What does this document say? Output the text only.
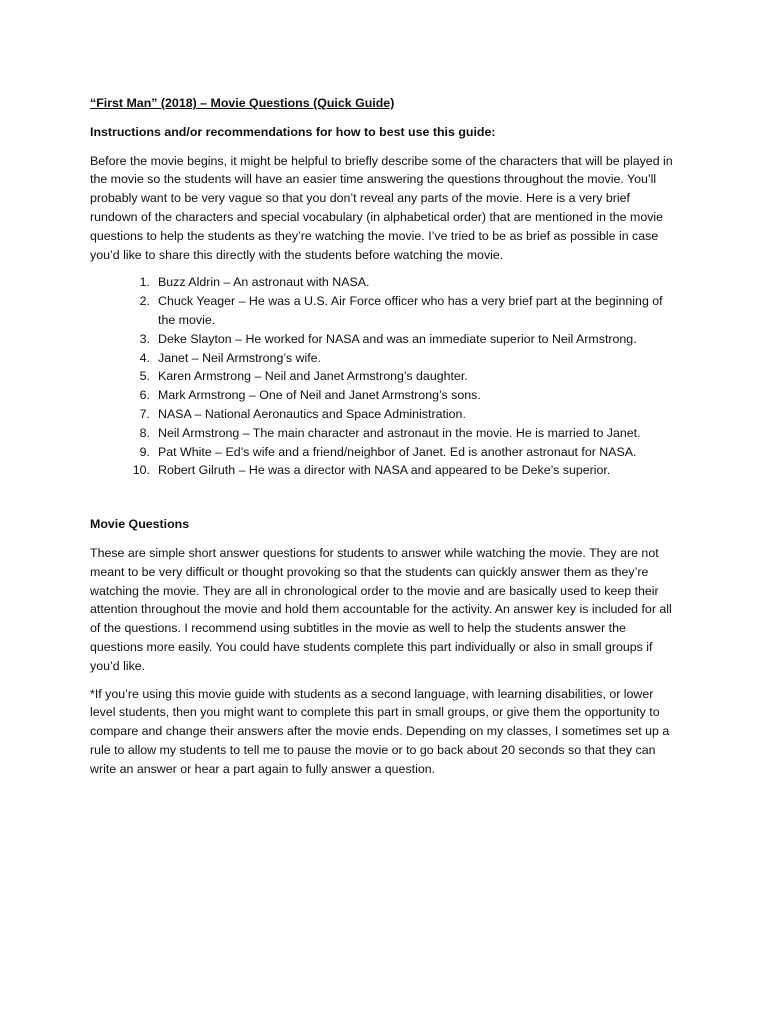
“First Man” (2018) – Movie Questions (Quick Guide)

Instructions and/or recommendations for how to best use this guide:

Before the movie begins, it might be helpful to briefly describe some of the characters that will be played in the movie so the students will have an easier time answering the questions throughout the movie. You’ll probably want to be very vague so that you don’t reveal any parts of the movie. Here is a very brief rundown of the characters and special vocabulary (in alphabetical order) that are mentioned in the movie questions to help the students as they’re watching the movie. I’ve tried to be as brief as possible in case you’d like to share this directly with the students before watching the movie.

1. Buzz Aldrin – An astronaut with NASA.
2. Chuck Yeager – He was a U.S. Air Force officer who has a very brief part at the beginning of the movie.
3. Deke Slayton – He worked for NASA and was an immediate superior to Neil Armstrong.
4. Janet – Neil Armstrong’s wife.
5. Karen Armstrong – Neil and Janet Armstrong’s daughter.
6. Mark Armstrong – One of Neil and Janet Armstrong’s sons.
7. NASA – National Aeronautics and Space Administration.
8. Neil Armstrong – The main character and astronaut in the movie. He is married to Janet.
9. Pat White – Ed’s wife and a friend/neighbor of Janet. Ed is another astronaut for NASA.
10. Robert Gilruth – He was a director with NASA and appeared to be Deke’s superior.

Movie Questions

These are simple short answer questions for students to answer while watching the movie. They are not meant to be very difficult or thought provoking so that the students can quickly answer them as they’re watching the movie. They are all in chronological order to the movie and are basically used to keep their attention throughout the movie and hold them accountable for the activity. An answer key is included for all of the questions. I recommend using subtitles in the movie as well to help the students answer the questions more easily. You could have students complete this part individually or also in small groups if you’d like.

*If you’re using this movie guide with students as a second language, with learning disabilities, or lower level students, then you might want to complete this part in small groups, or give them the opportunity to compare and change their answers after the movie ends. Depending on my classes, I sometimes set up a rule to allow my students to tell me to pause the movie or to go back about 20 seconds so that they can write an answer or hear a part again to fully answer a question.
